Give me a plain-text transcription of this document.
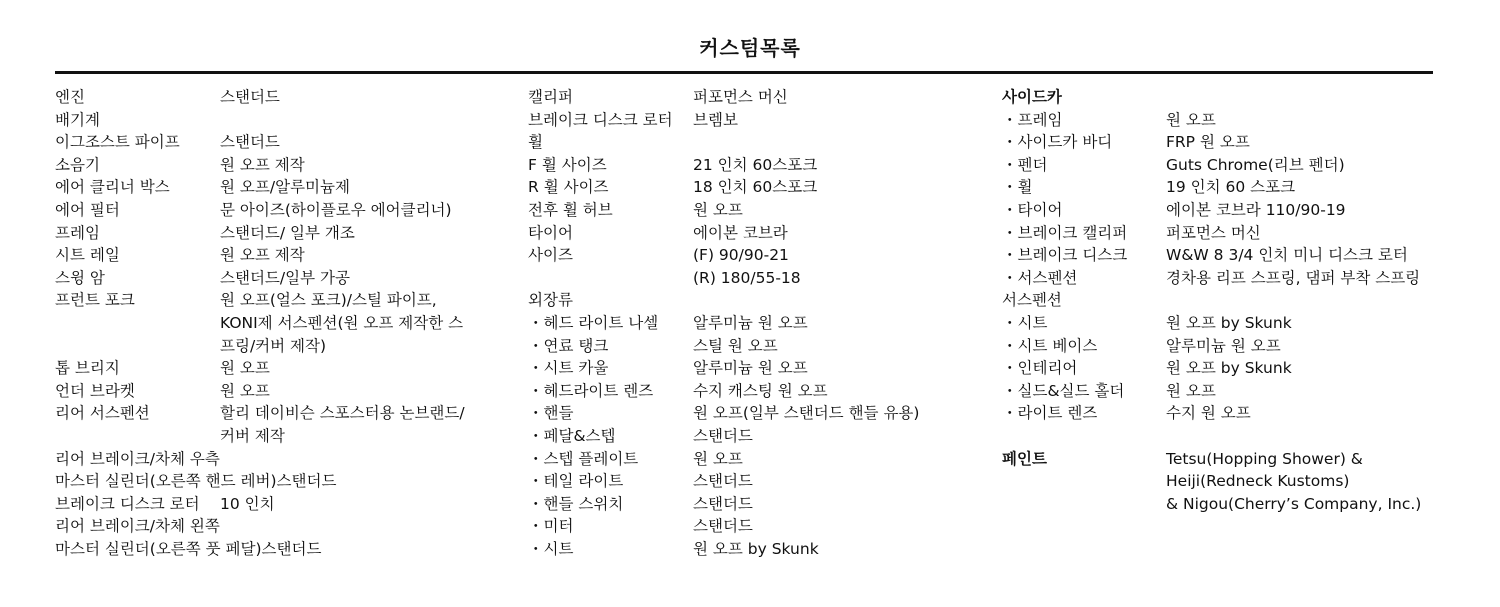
커스텀목록
엔진	스탠더드
배기계
이그조스트 파이프	스탠더드
소음기	원 오프 제작
에어 클리너 박스	원 오프/알루미늄제
에어 필터	문 아이즈(하이플로우 에어클리너)
프레임	스탠더드/ 일부 개조
시트 레일	원 오프 제작
스윙 암	스탠더드/일부 가공
프런트 포크	원 오프(얼스 포크)/스틸 파이프,
KONI제 서스펜션(원 오프 제작한 스
프링/커버 제작)
톱 브리지	원 오프
언더 브라켓	원 오프
리어 서스펜션	할리 데이비슨 스포스터용 논브랜드/
커버 제작
리어 브레이크/차체 우측
마스터 실린더(오른쪽 핸드 레버)스탠더드
브레이크 디스크 로터 10 인치
리어 브레이크/차체 왼쪽
마스터 실린더(오른쪽 풋 페달)스탠더드
캘리퍼	퍼포먼스 머신
브레이크 디스크 로터 브렘보
휠
F 휠 사이즈	21 인치 60스포크
R 휠 사이즈	18 인치 60스포크
전후 휠 허브	원 오프
타이어	에이본 코브라
사이즈	(F) 90/90-21
(R) 180/55-18
외장류
・헤드 라이트 나셀 알루미늄 원 오프
・연료 탱크	스틸 원 오프
・시트 카울	알루미늄 원 오프
・헤드라이트 렌즈	수지 캐스팅 원 오프
・핸들	원 오프(일부 스탠더드 핸들 유용)
・페달&스텝	스탠더드
・스텝 플레이트	원 오프
・테일 라이트	스탠더드
・핸들 스위치	스탠더드
・미터	스탠더드
・시트	원 오프 by Skunk
사이드카
・프레임	원 오프
・사이드카 바디	FRP 원 오프
・펜더	Guts Chrome(리브 펜더)
・휠	19 인치 60 스포크
・타이어	에이본 코브라 110/90-19
・브레이크 캘리퍼	퍼포먼스 머신
・브레이크 디스크	W&W 8 3/4 인치 미니 디스크 로터
・서스펜션	경차용 리프 스프링, 댐퍼 부착 스프링
서스펜션
・시트	원 오프 by Skunk
・시트 베이스	알루미늄 원 오프
・인테리어	원 오프 by Skunk
・실드&실드 홀더	원 오프
・라이트 렌즈	수지 원 오프
페인트	Tetsu(Hopping Shower) &
Heiji(Redneck Kustoms)
& Nigou(Cherry’s Company, Inc.)
